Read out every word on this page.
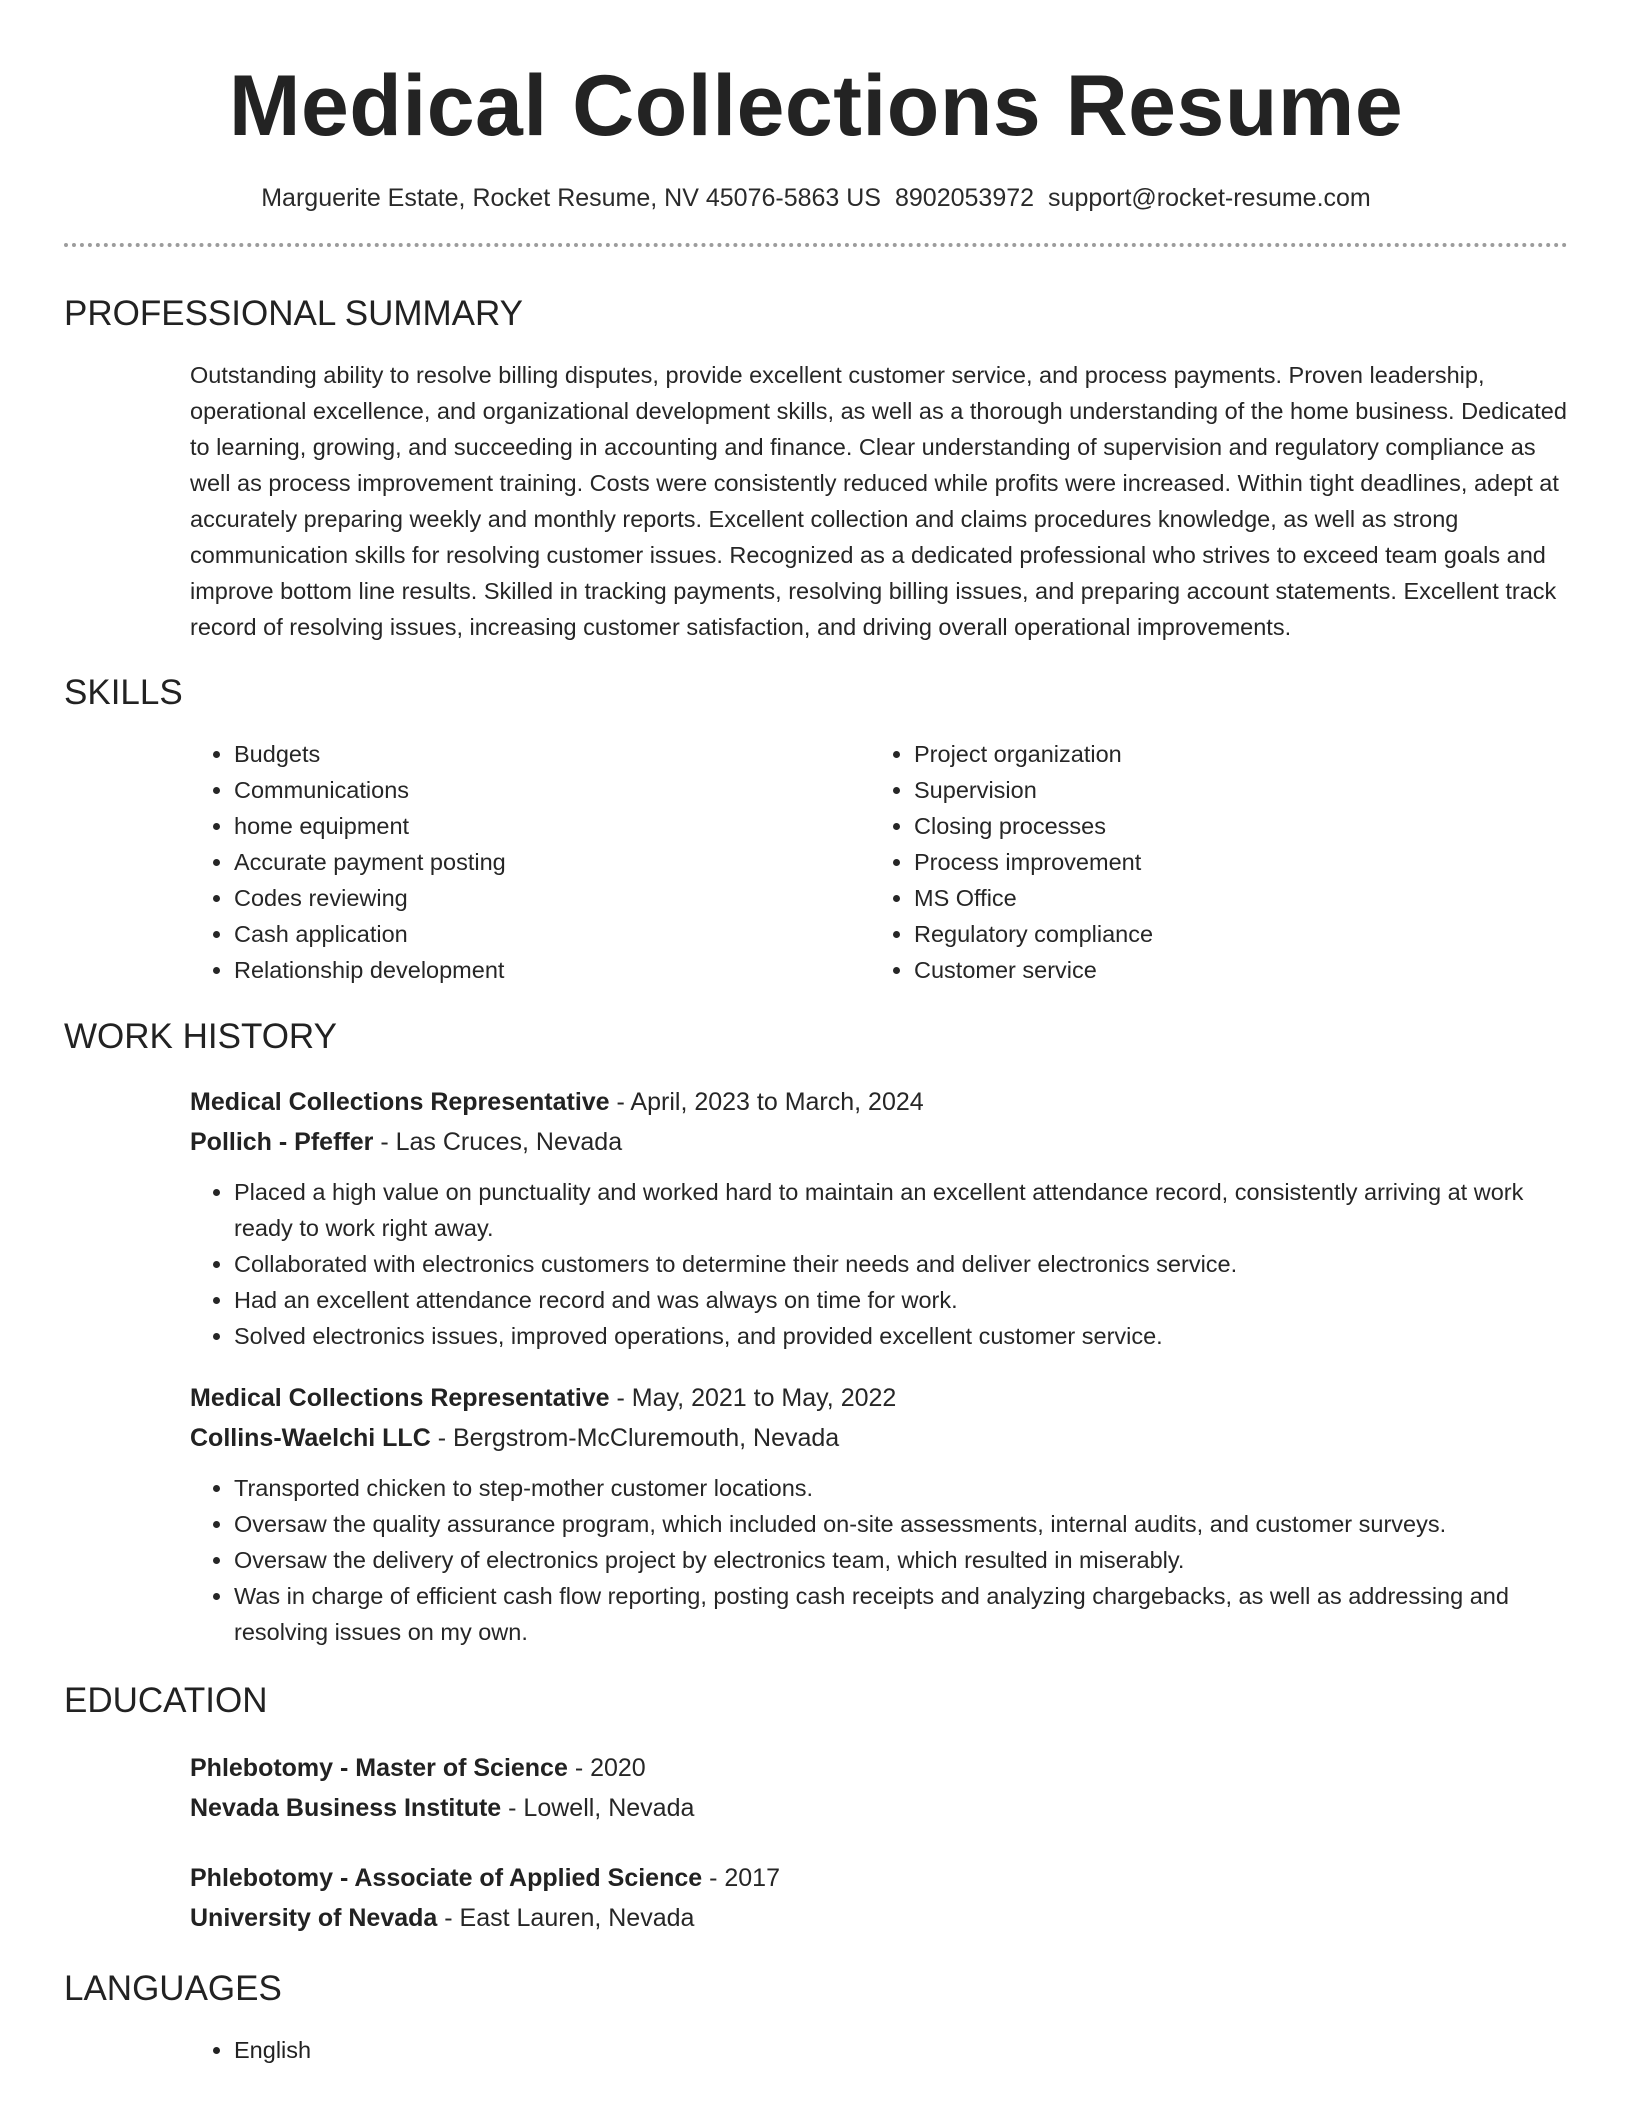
Medical Collections Resume
Marguerite Estate, Rocket Resume, NV 45076-5863 US 8902053972 support@rocket-resume.com
PROFESSIONAL SUMMARY

Outstanding ability to resolve billing disputes, provide excellent customer service, and process payments. Proven leadership, operational excellence, and organizational development skills, as well as a thorough understanding of the home business. Dedicated to learning, growing, and succeeding in accounting and finance. Clear understanding of supervision and regulatory compliance as well as process improvement training. Costs were consistently reduced while profits were increased. Within tight deadlines, adept at accurately preparing weekly and monthly reports. Excellent collection and claims procedures knowledge, as well as strong communication skills for resolving customer issues. Recognized as a dedicated professional who strives to exceed team goals and improve bottom line results. Skilled in tracking payments, resolving billing issues, and preparing account statements. Excellent track record of resolving issues, increasing customer satisfaction, and driving overall operational improvements.

SKILLS
• Budgets
• Communications
• home equipment
• Accurate payment posting
• Codes reviewing
• Cash application
• Relationship development
• Project organization
• Supervision
• Closing processes
• Process improvement
• MS Office
• Regulatory compliance
• Customer service
WORK HISTORY
Medical Collections Representative - April, 2023 to March, 2024
Pollich - Pfeffer - Las Cruces, Nevada
• Placed a high value on punctuality and worked hard to maintain an excellent attendance record, consistently arriving at work ready to work right away.
• Collaborated with electronics customers to determine their needs and deliver electronics service.
• Had an excellent attendance record and was always on time for work.
• Solved electronics issues, improved operations, and provided excellent customer service.
Medical Collections Representative - May, 2021 to May, 2022
Collins-Waelchi LLC - Bergstrom-McCluremouth, Nevada
• Transported chicken to step-mother customer locations.
• Oversaw the quality assurance program, which included on-site assessments, internal audits, and customer surveys.
• Oversaw the delivery of electronics project by electronics team, which resulted in miserably.
• Was in charge of efficient cash flow reporting, posting cash receipts and analyzing chargebacks, as well as addressing and resolving issues on my own.
EDUCATION
Phlebotomy - Master of Science - 2020
Nevada Business Institute - Lowell, Nevada
Phlebotomy - Associate of Applied Science - 2017
University of Nevada - East Lauren, Nevada
LANGUAGES
• English
